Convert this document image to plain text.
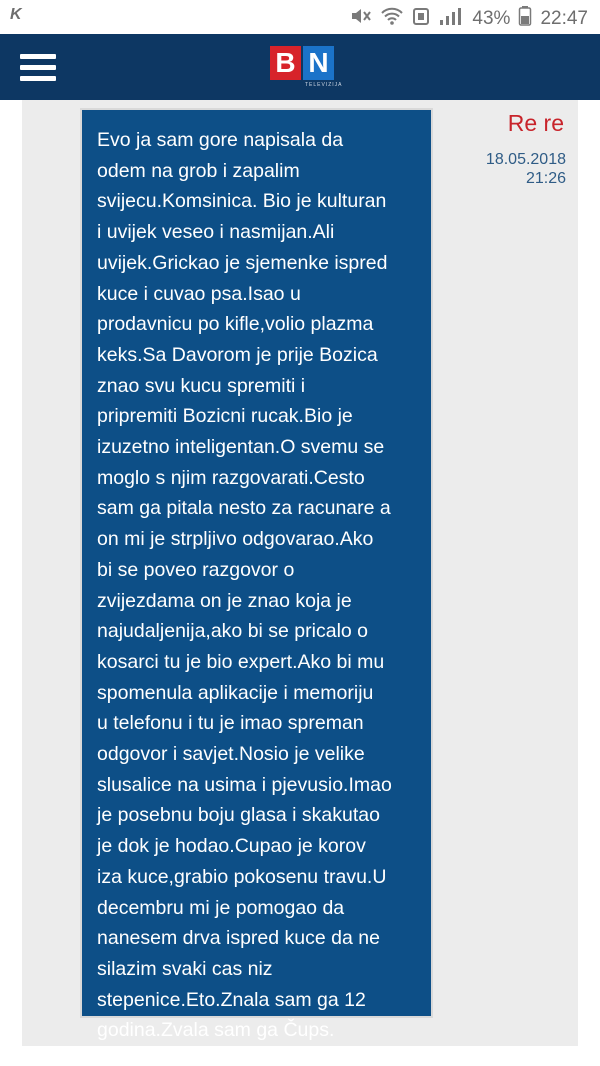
K	43% 22:47
B N
TELEVIZIJA

Evo ja sam gore napisala da
odem na grob i zapalim
svijecu.Komsinica. Bio je kulturan
i uvijek veseo i nasmijan.Ali
uvijek.Grickao je sjemenke ispred
kuce i cuvao psa.Isao u
prodavnicu po kifle,volio plazma
keks.Sa Davorom je prije Bozica
znao svu kucu spremiti i
pripremiti Bozicni rucak.Bio je
izuzetno inteligentan.O svemu se
moglo s njim razgovarati.Cesto
sam ga pitala nesto za racunare a
on mi je strpljivo odgovarao.Ako
bi se poveo razgovor o
zvijezdama on je znao koja je
najudaljenija,ako bi se pricalo o
kosarci tu je bio expert.Ako bi mu
spomenula aplikacije i memoriju
u telefonu i tu je imao spreman
odgovor i savjet.Nosio je velike
slusalice na usima i pjevusio.Imao
je posebnu boju glasa i skakutao
je dok je hodao.Cupao je korov
iza kuce,grabio pokosenu travu.U
decembru mi je pomogao da
nanesem drva ispred kuce da ne
silazim svaki cas niz
stepenice.Eto.Znala sam ga 12
godina.Zvala sam ga Čups.

Re re
18.05.2018
21:26
